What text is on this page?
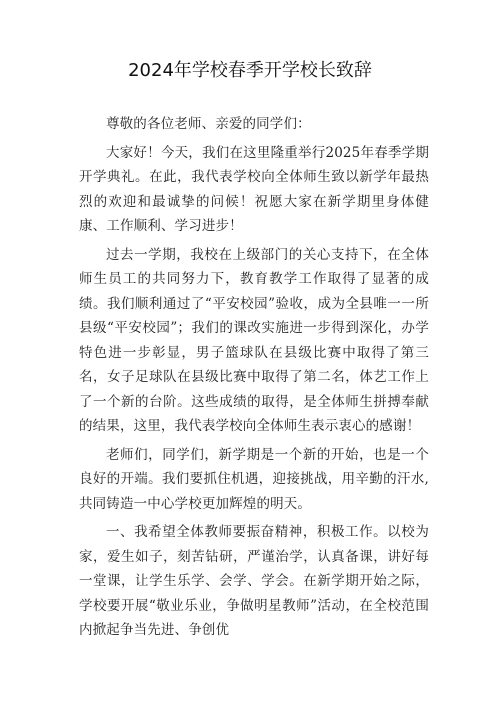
2024年学校春季开学校长致辞

尊敬的各位老师、亲爱的同学们：

大家好！今天，我们在这里隆重举行2025年春季学期开学典礼。在此，我代表学校向全体师生致以新学年最热烈的欢迎和最诚挚的问候！祝愿大家在新学期里身体健康、工作顺利、学习进步！

过去一学期，我校在上级部门的关心支持下，在全体师生员工的共同努力下，教育教学工作取得了显著的成绩。我们顺利通过了“平安校园”验收，成为全县唯一一所县级“平安校园”；我们的课改实施进一步得到深化，办学特色进一步彰显，男子篮球队在县级比赛中取得了第三名，女子足球队在县级比赛中取得了第二名，体艺工作上了一个新的台阶。这些成绩的取得，是全体师生拼搏奉献的结果，这里，我代表学校向全体师生表示衷心的感谢！

老师们，同学们，新学期是一个新的开始，也是一个良好的开端。我们要抓住机遇，迎接挑战，用辛勤的汗水,共同铸造一中心学校更加辉煌的明天。

一、我希望全体教师要振奋精神，积极工作。以校为家，爱生如子，刻苦钻研，严谨治学，认真备课，讲好每一堂课，让学生乐学、会学、学会。在新学期开始之际，学校要开展“敬业乐业，争做明星教师”活动，在全校范围内掀起争当先进、争创优
